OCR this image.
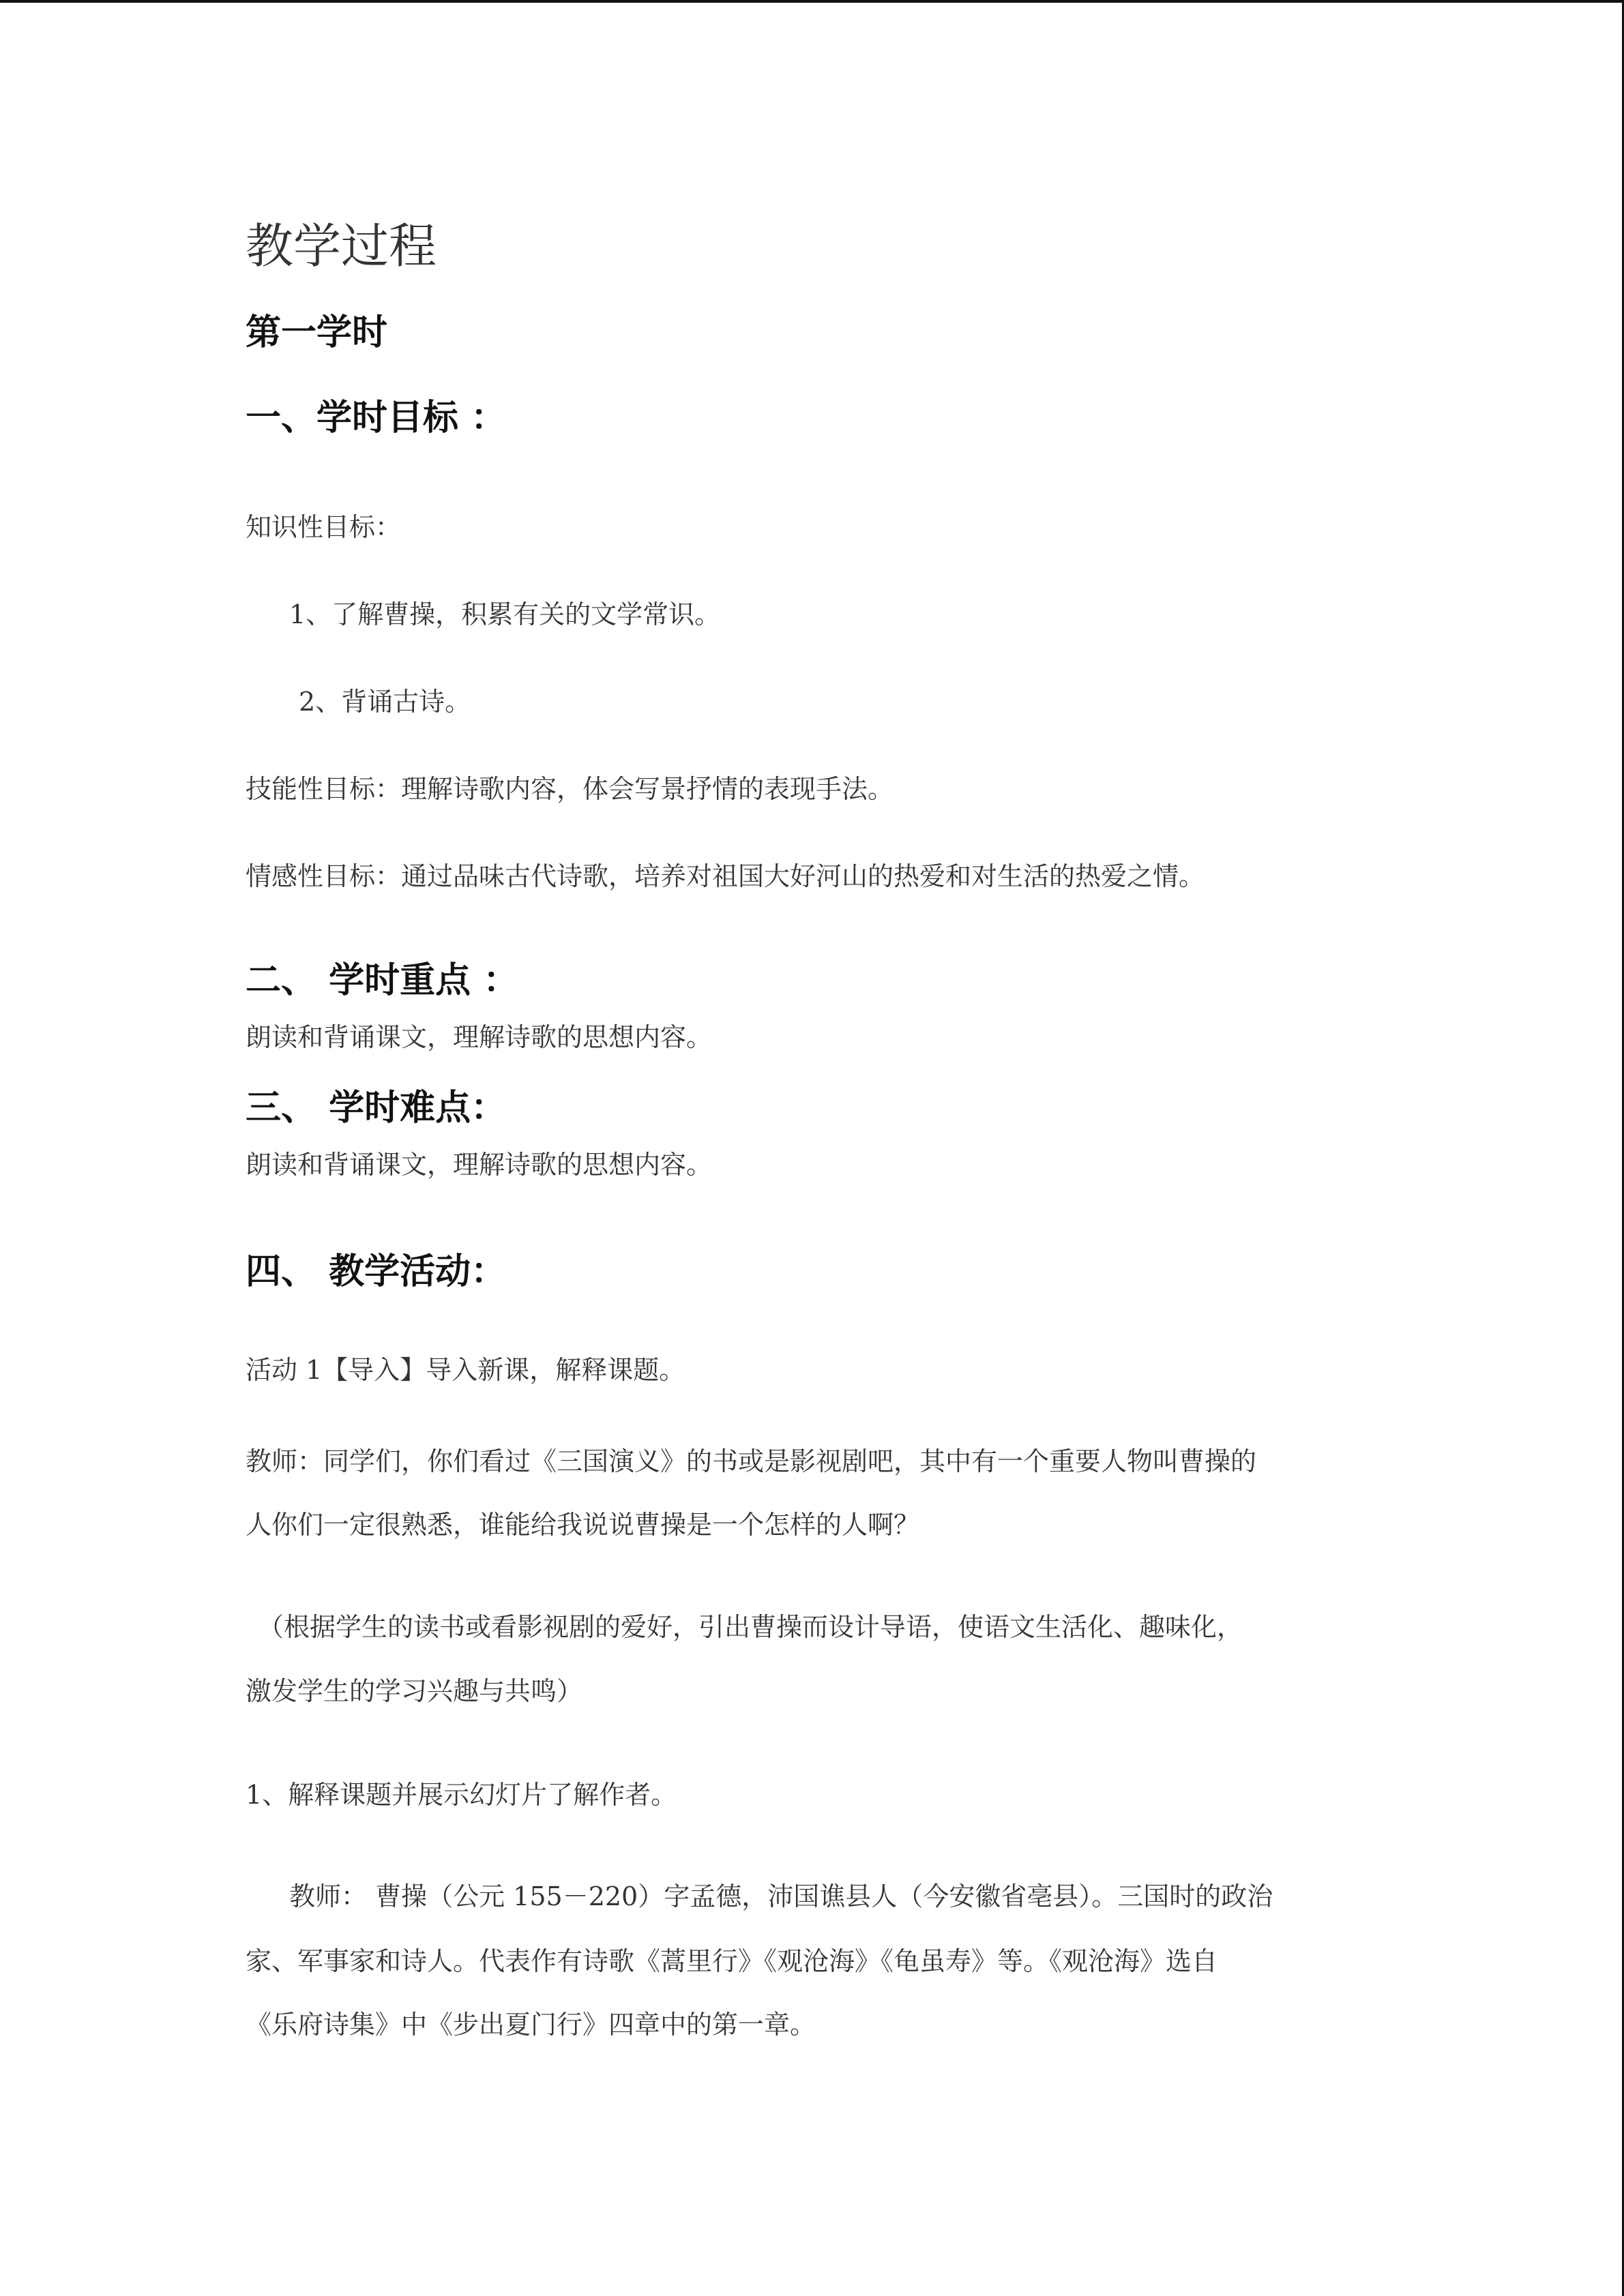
教学过程
第一学时
一、学时目标 ：
知识性目标：
1、了解曹操，积累有关的文学常识。
2、背诵古诗。
技能性目标：理解诗歌内容，体会写景抒情的表现手法。
情感性目标：通过品味古代诗歌，培养对祖国大好河山的热爱和对生活的热爱之情。
二、 学时重点 ：
朗读和背诵课文，理解诗歌的思想内容。
三、 学时难点：
朗读和背诵课文，理解诗歌的思想内容。
四、 教学活动：
活动 1【导入】导入新课，解释课题。
教师：同学们，你们看过《三国演义》的书或是影视剧吧，其中有一个重要人物叫曹操的
人你们一定很熟悉，谁能给我说说曹操是一个怎样的人啊？
（根据学生的读书或看影视剧的爱好，引出曹操而设计导语，使语文生活化、趣味化，
激发学生的学习兴趣与共鸣）
1、解释课题并展示幻灯片了解作者。
教师： 曹操（公元 155－220）字孟德，沛国谯县人（今安徽省亳县）。三国时的政治
家、军事家和诗人。代表作有诗歌《蒿里行》《观沧海》《龟虽寿》等。《观沧海》选自
《乐府诗集》中《步出夏门行》四章中的第一章。
